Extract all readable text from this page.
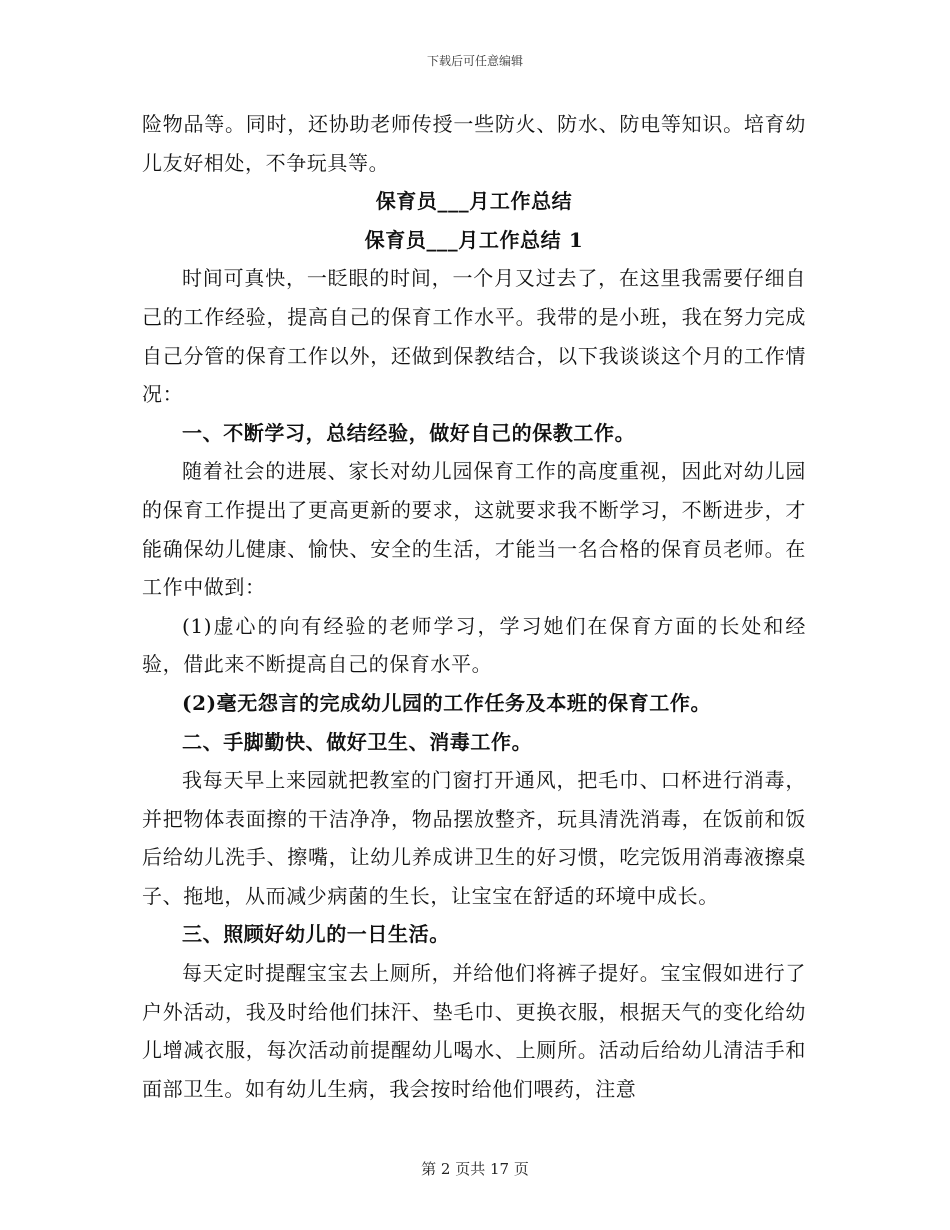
下载后可任意编辑

险物品等。同时，还协助老师传授一些防火、防水、防电等知识。培育幼儿友好相处，不争玩具等。

保育员___月工作总结

保育员___月工作总结 1

时间可真快，一眨眼的时间，一个月又过去了，在这里我需要仔细自己的工作经验，提高自己的保育工作水平。我带的是小班，我在努力完成自己分管的保育工作以外，还做到保教结合，以下我谈谈这个月的工作情况：

一、不断学习，总结经验，做好自己的保教工作。

随着社会的进展、家长对幼儿园保育工作的高度重视，因此对幼儿园的保育工作提出了更高更新的要求，这就要求我不断学习，不断进步，才能确保幼儿健康、愉快、安全的生活，才能当一名合格的保育员老师。在工作中做到：

(1)虚心的向有经验的老师学习，学习她们在保育方面的长处和经验，借此来不断提高自己的保育水平。

(2)毫无怨言的完成幼儿园的工作任务及本班的保育工作。

二、手脚勤快、做好卫生、消毒工作。

我每天早上来园就把教室的门窗打开通风，把毛巾、口杯进行消毒，并把物体表面擦的干洁净净，物品摆放整齐，玩具清洗消毒，在饭前和饭后给幼儿洗手、擦嘴，让幼儿养成讲卫生的好习惯，吃完饭用消毒液擦桌子、拖地，从而减少病菌的生长，让宝宝在舒适的环境中成长。

三、照顾好幼儿的一日生活。

每天定时提醒宝宝去上厕所，并给他们将裤子提好。宝宝假如进行了户外活动，我及时给他们抹汗、垫毛巾、更换衣服，根据天气的变化给幼儿增减衣服，每次活动前提醒幼儿喝水、上厕所。活动后给幼儿清洁手和面部卫生。如有幼儿生病，我会按时给他们喂药，注意

第 2 页共 17 页
